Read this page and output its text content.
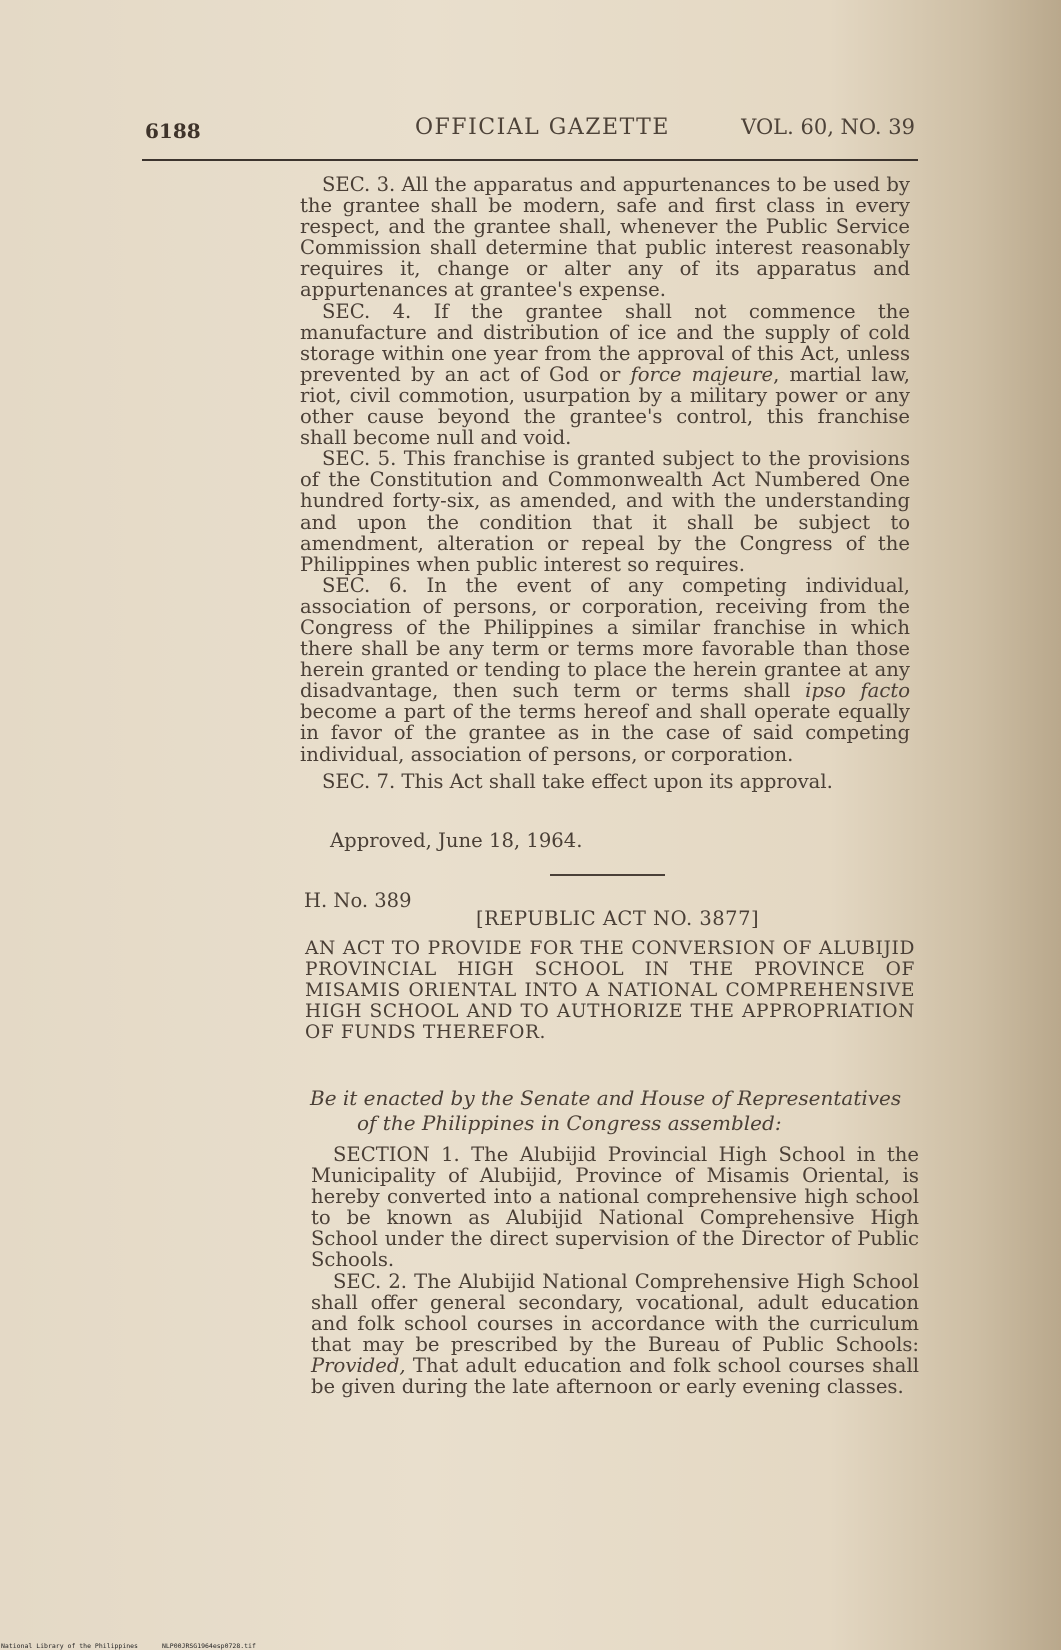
6188	OFFICIAL GAZETTE	VOL. 60, NO. 39

SEC. 3. All the apparatus and appurtenances to be used by the grantee shall be modern, safe and first class in every respect, and the grantee shall, whenever the Public Service Commission shall determine that public interest reasonably requires it, change or alter any of its apparatus and appurtenances at grantee's expense.

SEC. 4. If the grantee shall not commence the manufacture and distribution of ice and the supply of cold storage within one year from the approval of this Act, unless prevented by an act of God or force majeure, martial law, riot, civil commotion, usurpation by a military power or any other cause beyond the grantee's control, this franchise shall become null and void.

SEC. 5. This franchise is granted subject to the provisions of the Constitution and Commonwealth Act Numbered One hundred forty-six, as amended, and with the understanding and upon the condition that it shall be subject to amendment, alteration or repeal by the Congress of the Philippines when public interest so requires.

SEC. 6. In the event of any competing individual, association of persons, or corporation, receiving from the Congress of the Philippines a similar franchise in which there shall be any term or terms more favorable than those herein granted or tending to place the herein grantee at any disadvantage, then such term or terms shall ipso facto become a part of the terms hereof and shall operate equally in favor of the grantee as in the case of said competing individual, association of persons, or corporation.

SEC. 7. This Act shall take effect upon its approval.

Approved, June 18, 1964.
H. No. 389
[REPUBLIC ACT NO. 3877]
AN ACT TO PROVIDE FOR THE CONVERSION OF ALUBIJID PROVINCIAL HIGH SCHOOL IN THE PROVINCE OF MISAMIS ORIENTAL INTO A NATIONAL COMPREHENSIVE HIGH SCHOOL AND TO AUTHORIZE THE APPROPRIATION OF FUNDS THEREFOR.
Be it enacted by the Senate and House of Representatives
of the Philippines in Congress assembled:

SECTION 1. The Alubijid Provincial High School in the Municipality of Alubijid, Province of Misamis Oriental, is hereby converted into a national comprehensive high school to be known as Alubijid National Comprehensive High School under the direct supervision of the Director of Public Schools.

SEC. 2. The Alubijid National Comprehensive High School shall offer general secondary, vocational, adult education and folk school courses in accordance with the curriculum that may be prescribed by the Bureau of Public Schools: Provided, That adult education and folk school courses shall be given during the late afternoon or early evening classes.

National Library of the Philippines	NLP00JRSG1964esp0728.tif
